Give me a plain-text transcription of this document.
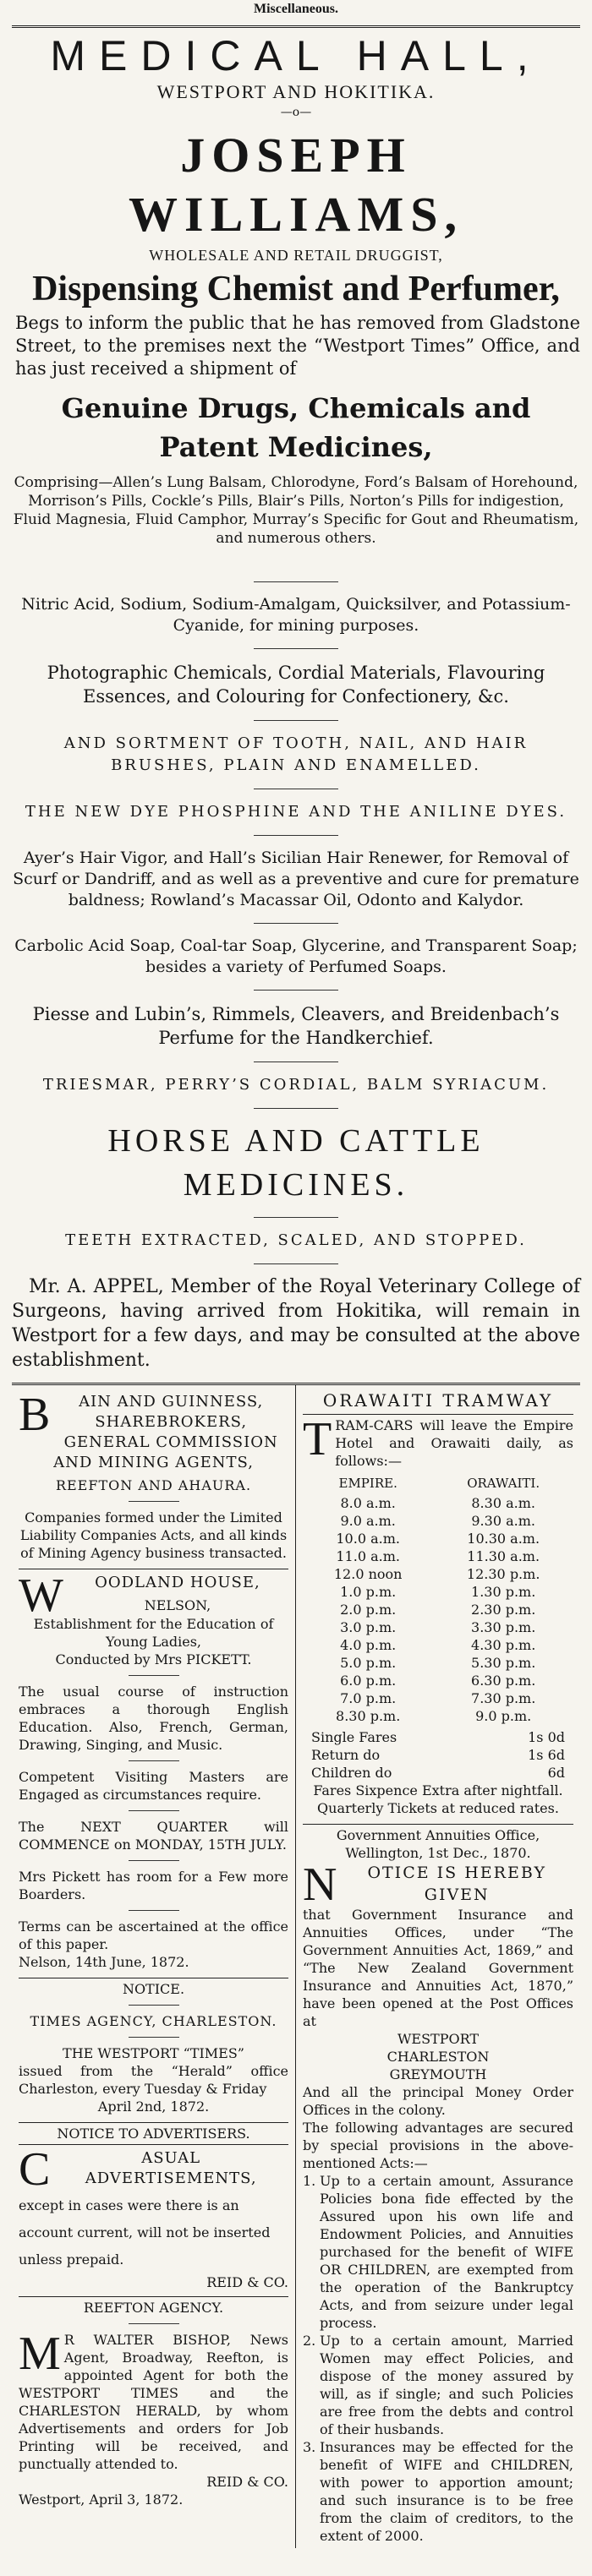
Miscellaneous.
MEDICAL HALL,
WESTPORT AND HOKITIKA.
—o—
JOSEPH WILLIAMS,
WHOLESALE AND RETAIL DRUGGIST,
Dispensing Chemist and Perfumer,
Begs to inform the public that he has removed from Gladstone Street, to the premises next the “Westport Times” Office, and has just received a shipment of
Genuine Drugs, Chemicals and Patent Medicines,
Comprising—Allen’s Lung Balsam, Chlorodyne, Ford’s Balsam of Horehound, Morrison’s Pills, Cockle’s Pills, Blair’s Pills, Norton’s Pills for indigestion, Fluid Magnesia, Fluid Camphor, Murray’s Specific for Gout and Rheumatism, and numerous others.
Nitric Acid, Sodium, Sodium-Amalgam, Quicksilver, and Potassium-Cyanide, for mining purposes.
Photographic Chemicals, Cordial Materials, Flavouring Essences, and Colouring for Confectionery, &c.
AND SORTMENT OF TOOTH, NAIL, AND HAIR BRUSHES, PLAIN AND ENAMELLED.
THE NEW DYE PHOSPHINE AND THE ANILINE DYES.
Ayer’s Hair Vigor, and Hall’s Sicilian Hair Renewer, for Removal of Scurf or Dandriff, and as well as a preventive and cure for premature baldness; Rowland’s Macassar Oil, Odonto and Kalydor.
Carbolic Acid Soap, Coal-tar Soap, Glycerine, and Transparent Soap; besides a variety of Perfumed Soaps.
Piesse and Lubin’s, Rimmels, Cleavers, and Breidenbach’s Perfume for the Handkerchief.
TRIESMAR, PERRY’S CORDIAL, BALM SYRIACUM.
HORSE AND CATTLE MEDICINES.
TEETH EXTRACTED, SCALED, AND STOPPED.
Mr. A. APPEL, Member of the Royal Veterinary College of Surgeons, having arrived from Hokitika, will remain in Westport for a few days, and may be consulted at the above establishment.
B	AIN AND GUINNESS, SHAREBROKERS, GENERAL COMMISSION AND MINING AGENTS,
REEFTON AND AHAURA.
Companies formed under the Limited Liability Companies Acts, and all kinds of Mining Agency business transacted.
W	OODLAND HOUSE,
NELSON,
Establishment for the Education of Young Ladies,
Conducted by Mrs PICKETT.
The usual course of instruction embraces a thorough English Education. Also, French, German, Drawing, Singing, and Music.
Competent Visiting Masters are Engaged as circumstances require.
The NEXT QUARTER will COMMENCE on MONDAY, 15TH JULY.
Mrs Pickett has room for a Few more Boarders.
Terms can be ascertained at the office of this paper.
Nelson, 14th June, 1872.
NOTICE.
TIMES AGENCY, CHARLESTON.
THE WESTPORT “TIMES”
issued from the “Herald” office Charleston, every Tuesday & Friday
April 2nd, 1872.
NOTICE TO ADVERTISERS.
C	ASUAL ADVERTISEMENTS,
except in cases were there is an
account current, will not be inserted
unless prepaid.
REID & CO.
REEFTON AGENCY.
M R WALTER BISHOP, News Agent, Broadway, Reefton, is appointed Agent for both the WESTPORT TIMES and the CHARLESTON HERALD, by whom Advertisements and orders for Job Printing will be received, and punctually attended to.
REID & CO.
Westport, April 3, 1872.
ORAWAITI TRAMWAY
T RAM-CARS will leave the Empire Hotel and Orawaiti daily, as follows:—
EMPIRE.	ORAWAITI.
8.0 a.m.	8.30 a.m.
9.0 a.m.	9.30 a.m.
10.0 a.m.	10.30 a.m.
11.0 a.m.	11.30 a.m.
12.0 noon	12.30 p.m.
1.0 p.m.	1.30 p.m.
2.0 p.m.	2.30 p.m.
3.0 p.m.	3.30 p.m.
4.0 p.m.	4.30 p.m.
5.0 p.m.	5.30 p.m.
6.0 p.m.	6.30 p.m.
7.0 p.m.	7.30 p.m.
8.30 p.m.	9.0 p.m.
Single Fares	1s 0d
Return do	1s 6d
Children do	6d
Fares Sixpence Extra after nightfall.
Quarterly Tickets at reduced rates.
Government Annuities Office,
Wellington, 1st Dec., 1870.
N	OTICE IS HEREBY GIVEN
that Government Insurance and Annuities Offices, under “The Government Annuities Act, 1869,” and “The New Zealand Government Insurance and Annuities Act, 1870,” have been opened at the Post Offices at
WESTPORT
CHARLESTON
GREYMOUTH
And all the principal Money Order Offices in the colony.
The following advantages are secured by special provisions in the above-mentioned Acts:—
1. Up to a certain amount, Assurance Policies bona fide effected by the Assured upon his own life and Endowment Policies, and Annuities purchased for the benefit of WIFE OR CHILDREN, are exempted from the operation of the Bankruptcy Acts, and from seizure under legal process.
2. Up to a certain amount, Married Women may effect Policies, and dispose of the money assured by will, as if single; and such Policies are free from the debts and control of their husbands.
3. Insurances may be effected for the benefit of WIFE and CHILDREN, with power to apportion amount; and such insurance is to be free from the claim of creditors, to the extent of 2000.
